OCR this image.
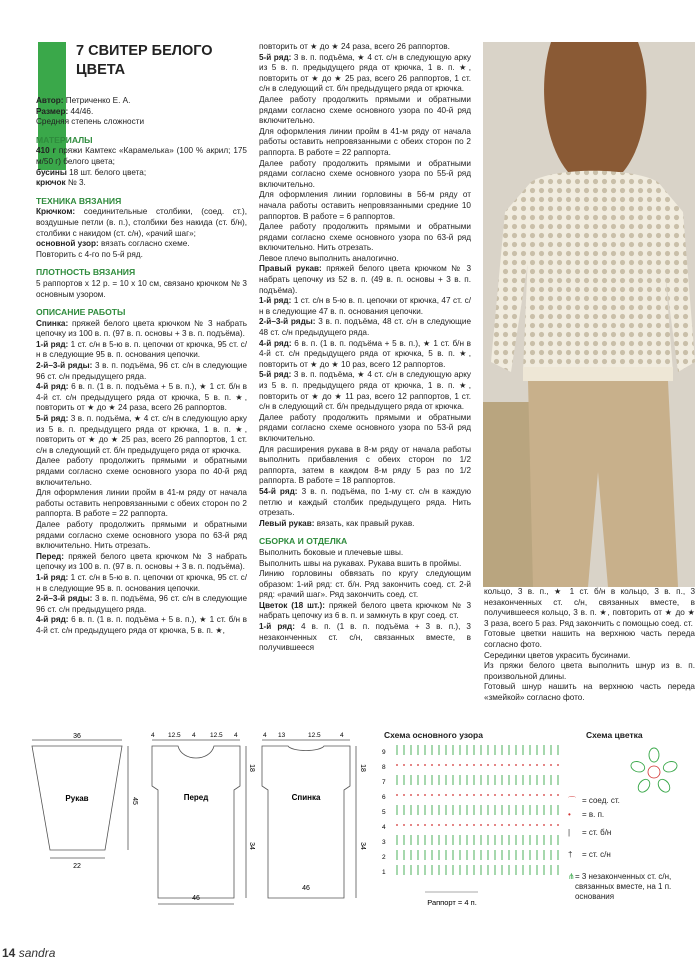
7 СВИТЕР БЕЛОГО
ЦВЕТА

Автор: Петриченко Е. А.

Размер: 44/46.

Средняя степень сложности

МАТЕРИАЛЫ

410 г пряжи Камтекс «Карамелька» (100 % акрил; 175 м/50 г) белого цвета;

бусины 18 шт. белого цвета;

крючок № 3.

ТЕХНИКА ВЯЗАНИЯ

Крючком: соединительные столбики, (соед. ст.), воздушные петли (в. п.), столбики без накида (ст. б/н), столбики с накидом (ст. с/н), «рачий шаг»;

основной узор: вязать согласно схеме.

Повторить с 4-го по 5-й ряд.

ПЛОТНОСТЬ ВЯЗАНИЯ

5 раппортов х 12 р. = 10 х 10 см, связано крючком № 3 основным узором.

ОПИСАНИЕ РАБОТЫ

Спинка: пряжей белого цвета крючком № 3 набрать цепочку из 100 в. п. (97 в. п. основы + 3 в. п. подъёма).

1-й ряд: 1 ст. с/н в 5-ю в. п. цепочки от крючка, 95 ст. с/н в следующие 95 в. п. основания цепочки.

2-й–3-й ряды: 3 в. п. подъёма, 96 ст. с/н в следующие 96 ст. с/н предыдущего ряда.

4-й ряд: 6 в. п. (1 в. п. подъёма + 5 в. п.), ★ 1 ст. б/н в 4-й ст. с/н предыдущего ряда от крючка, 5 в. п. ★, повторить от ★ до ★ 24 раза, всего 26 раппортов.

5-й ряд: 3 в. п. подъёма, ★ 4 ст. с/н в следующую арку из 5 в. п. предыдущего ряда от крючка, 1 в. п. ★, повторить от ★ до ★ 25 раз, всего 26 раппортов, 1 ст. с/н в следующий ст. б/н предыдущего ряда от крючка.

Далее работу продолжить прямыми и обратными рядами согласно схеме основного узора по 40-й ряд включительно.

Для оформления линии пройм в 41-м ряду от начала работы оставить непровязанными с обеих сторон по 2 раппорта. В работе = 22 раппорта.

Далее работу продолжить прямыми и обратными рядами согласно схеме основного узора по 63-й ряд включительно. Нить отрезать.

Перед: пряжей белого цвета крючком № 3 набрать цепочку из 100 в. п. (97 в. п. основы + 3 в. п. подъёма).

1-й ряд: 1 ст. с/н в 5-ю в. п. цепочки от крючка, 95 ст. с/н в следующие 95 в. п. основания цепочки.

2-й–3-й ряды: 3 в. п. подъёма, 96 ст. с/н в следующие 96 ст. с/н предыдущего ряда.

4-й ряд: 6 в. п. (1 в. п. подъёма + 5 в. п.), ★ 1 ст. б/н в 4-й ст. с/н предыдущего ряда от крючка, 5 в. п. ★,

повторить от ★ до ★ 24 раза, всего 26 раппортов.

5-й ряд: 3 в. п. подъёма, ★ 4 ст. с/н в следующую арку из 5 в. п. предыдущего ряда от крючка, 1 в. п. ★, повторить от ★ до ★ 25 раз, всего 26 раппортов, 1 ст. с/н в следующий ст. б/н предыдущего ряда от крючка.

Далее работу продолжить прямыми и обратными рядами согласно схеме основного узора по 40-й ряд включительно.

Для оформления линии пройм в 41-м ряду от начала работы оставить непровязанными с обеих сторон по 2 раппорта. В работе = 22 раппорта.

Далее работу продолжить прямыми и обратными рядами согласно схеме основного узора по 55-й ряд включительно.

Для оформления линии горловины в 56-м ряду от начала работы оставить непровязанными средние 10 раппортов. В работе = 6 раппортов.

Далее работу продолжить прямыми и обратными рядами согласно схеме основного узора по 63-й ряд включительно. Нить отрезать.

Левое плечо выполнить аналогично.

Правый рукав: пряжей белого цвета крючком № 3 набрать цепочку из 52 в. п. (49 в. п. основы + 3 в. п. подъёма).

1-й ряд: 1 ст. с/н в 5-ю в. п. цепочки от крючка, 47 ст. с/н в следующие 47 в. п. основания цепочки.

2-й–3-й ряды: 3 в. п. подъёма, 48 ст. с/н в следующие 48 ст. с/н предыдущего ряда.

4-й ряд: 6 в. п. (1 в. п. подъёма + 5 в. п.), ★ 1 ст. б/н в 4-й ст. с/н предыдущего ряда от крючка, 5 в. п. ★, повторить от ★ до ★ 10 раз, всего 12 раппортов.

5-й ряд: 3 в. п. подъёма, ★ 4 ст. с/н в следующую арку из 5 в. п. предыдущего ряда от крючка, 1 в. п. ★, повторить от ★ до ★ 11 раз, всего 12 раппортов, 1 ст. с/н в следующий ст. б/н предыдущего ряда от крючка.

Далее работу продолжить прямыми и обратными рядами согласно схеме основного узора по 53-й ряд включительно.

Для расширения рукава в 8-м ряду от начала работы выполнить прибавления с обеих сторон по 1/2 раппорта, затем в каждом 8-м ряду 5 раз по 1/2 раппорта. В работе = 18 раппортов.

54-й ряд: 3 в. п. подъёма, по 1-му ст. с/н в каждую петлю и каждый столбик предыдущего ряда. Нить отрезать.

Левый рукав: вязать, как правый рукав.

СБОРКА И ОТДЕЛКА

Выполнить боковые и плечевые швы.

Выполнить швы на рукавах. Рукава вшить в проймы.

Линию горловины обвязать по кругу следующим образом: 1-ий ряд: ст. б/н. Ряд закончить соед. ст. 2-й ряд: «рачий шаг». Ряд закончить соед. ст.

Цветок (18 шт.): пряжей белого цвета крючком № 3 набрать цепочку из 6 в. п. и замкнуть в круг соед. ст.

1-й ряд: 4 в. п. (1 в. п. подъёма + 3 в. п.), 3 незаконченных ст. с/н, связанных вместе, в получившееся

кольцо, 3 в. п., ★ 1 ст. б/н в кольцо, 3 в. п., 3 незаконченных ст. с/н, связанных вместе, в получившееся кольцо, 3 в. п. ★, повторить от ★ до ★ 3 раза, всего 5 раз. Ряд закончить с помощью соед. ст.

Готовые цветки нашить на верхнюю часть переда согласно фото.

Серединки цветов украсить бусинами.

Из пряжи белого цвета выполнить шнур из в. п. произвольной длины.

Готовый шнур нашить на верхнюю часть переда «змейкой» согласно фото.

36
Рукав
22
45
4 12.5 4 12.5 4
Перед
46
18
34
4 13	12.5	4
Спинка
46
18
34
Схема основного узора
9
8
7
6
5
4
3
2
1
Раппорт = 4 п.
Схема цветка
⌒ = соед. ст.
•	= в. п.
|	= ст. б/н
†	= ст. с/н
⋔ = 3 незаконченных ст. с/н, связанных вместе, на 1 п. основания
14 sandra
